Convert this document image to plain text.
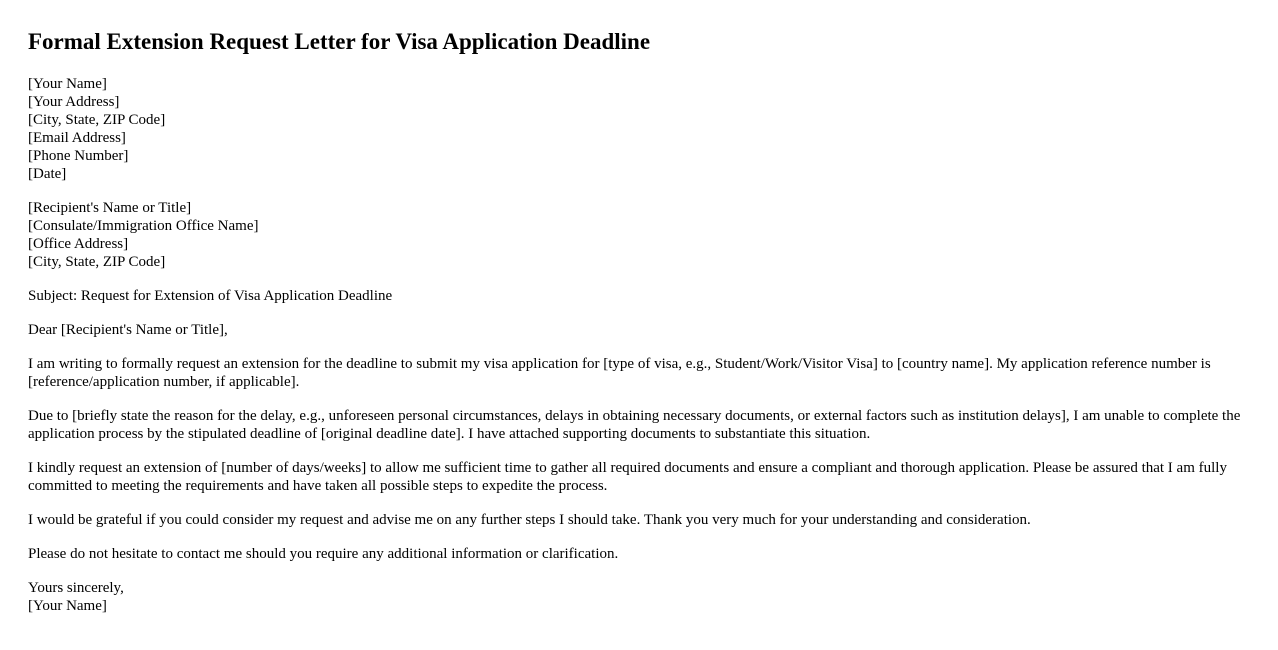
Formal Extension Request Letter for Visa Application Deadline
[Your Name]
[Your Address]
[City, State, ZIP Code]
[Email Address]
[Phone Number]
[Date]
[Recipient's Name or Title]
[Consulate/Immigration Office Name]
[Office Address]
[City, State, ZIP Code]

Subject: Request for Extension of Visa Application Deadline

Dear [Recipient's Name or Title],

I am writing to formally request an extension for the deadline to submit my visa application for [type of visa, e.g., Student/Work/Visitor Visa] to [country name]. My application reference number is [reference/application number, if applicable].

Due to [briefly state the reason for the delay, e.g., unforeseen personal circumstances, delays in obtaining necessary documents, or external factors such as institution delays], I am unable to complete the application process by the stipulated deadline of [original deadline date]. I have attached supporting documents to substantiate this situation.

I kindly request an extension of [number of days/weeks] to allow me sufficient time to gather all required documents and ensure a compliant and thorough application. Please be assured that I am fully committed to meeting the requirements and have taken all possible steps to expedite the process.

I would be grateful if you could consider my request and advise me on any further steps I should take. Thank you very much for your understanding and consideration.

Please do not hesitate to contact me should you require any additional information or clarification.

Yours sincerely,
[Your Name]
